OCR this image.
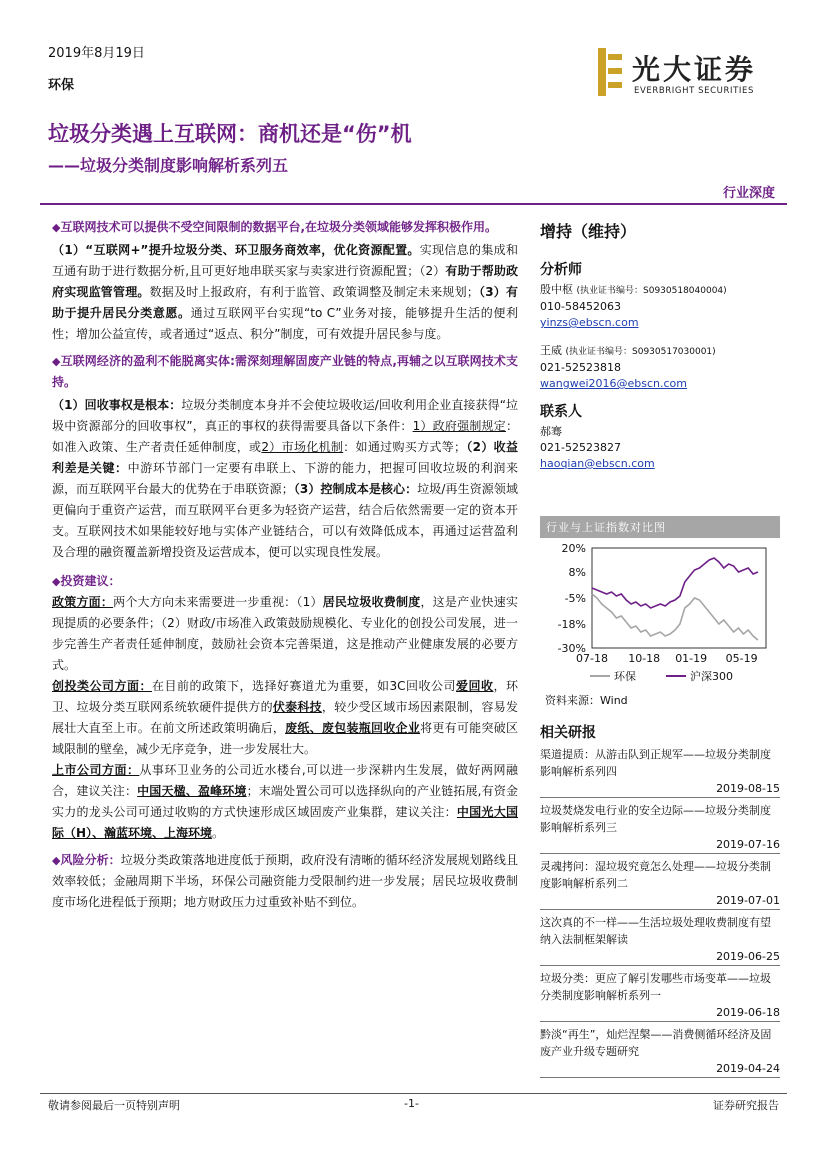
2019年8月19日
环保	光大证券
EVERBRIGHT SECURITIES
垃圾分类遇上互联网：商机还是“伤”机
——垃圾分类制度影响解析系列五
行业深度

◆互联网技术可以提供不受空间限制的数据平台,在垃圾分类领域能够发挥积极作用。

（1）“互联网+”提升垃圾分类、环卫服务商效率，优化资源配置。实现信息的集成和互通有助于进行数据分析,且可更好地串联买家与卖家进行资源配置；（2）有助于帮助政府实现监管管理。数据及时上报政府，有利于监管、政策调整及制定未来规划；（3）有助于提升居民分类意愿。通过互联网平台实现“to C”业务对接，能够提升生活的便利性；增加公益宣传，或者通过“返点、积分”制度，可有效提升居民参与度。

◆互联网经济的盈利不能脱离实体:需深刻理解固废产业链的特点,再辅之以互联网技术支持。

（1）回收事权是根本：垃圾分类制度本身并不会使垃圾收运/回收利用企业直接获得“垃圾中资源部分的回收事权”，真正的事权的获得需要具备以下条件：1）政府强制规定：如准入政策、生产者责任延伸制度，或2）市场化机制：如通过购买方式等；（2）收益利差是关键：中游环节部门一定要有串联上、下游的能力，把握可回收垃圾的利润来源，而互联网平台最大的优势在于串联资源；（3）控制成本是核心：垃圾/再生资源领域更偏向于重资产运营，而互联网平台更多为轻资产运营，结合后依然需要一定的资本开支。互联网技术如果能较好地与实体产业链结合，可以有效降低成本，再通过运营盈利及合理的融资覆盖新增投资及运营成本，便可以实现良性发展。

◆投资建议：

政策方面：两个大方向未来需要进一步重视：（1）居民垃圾收费制度，这是产业快速实现提质的必要条件；（2）财政/市场准入政策鼓励规模化、专业化的创投公司发展，进一步完善生产者责任延伸制度，鼓励社会资本完善渠道，这是推动产业健康发展的必要方式。

创投类公司方面：在目前的政策下，选择好赛道尤为重要，如3C回收公司爱回收，环卫、垃圾分类互联网系统软硬件提供方的伏泰科技，较少受区域市场因素限制，容易发展壮大直至上市。在前文所述政策明确后，废纸、废包装瓶回收企业将更有可能突破区域限制的壁垒，减少无序竞争，进一步发展壮大。

上市公司方面：从事环卫业务的公司近水楼台,可以进一步深耕内生发展，做好两网融合，建议关注：中国天楹、盈峰环境；末端处置公司可以选择纵向的产业链拓展,有资金实力的龙头公司可通过收购的方式快速形成区域固废产业集群，建议关注：中国光大国际（H）、瀚蓝环境、上海环境。

◆风险分析：垃圾分类政策落地进度低于预期，政府没有清晰的循环经济发展规划路线且效率较低；金融周期下半场，环保公司融资能力受限制约进一步发展；居民垃圾收费制度市场化进程低于预期；地方财政压力过重致补贴不到位。

增持（维持）
分析师
殷中枢 (执业证书编号：S0930518040004)
010-58452063
yinzs@ebscn.com
王威 (执业证书编号：S0930517030001)
021-52523818
wangwei2016@ebscn.com
联系人
郝骞
021-52523827
haoqian@ebscn.com
行业与上证指数对比图
20%
8%
-5%
-18%
-30%
07-18 10-18 01-19 05-19
环保	沪深300
资料来源：Wind
相关研报
渠道提质：从游击队到正规军——垃圾分类制度影响解析系列四
2019-08-15
垃圾焚烧发电行业的安全边际——垃圾分类制度影响解析系列三
2019-07-16
灵魂拷问：湿垃圾究竟怎么处理——垃圾分类制度影响解析系列二
2019-07-01
这次真的不一样——生活垃圾处理收费制度有望纳入法制框架解读
2019-06-25
垃圾分类：更应了解引发哪些市场变革——垃圾分类制度影响解析系列一
2019-06-18
黔淡“再生”，灿烂涅槃——消费侧循环经济及固废产业升级专题研究
2019-04-24
敬请参阅最后一页特别声明	-1-	证券研究报告
